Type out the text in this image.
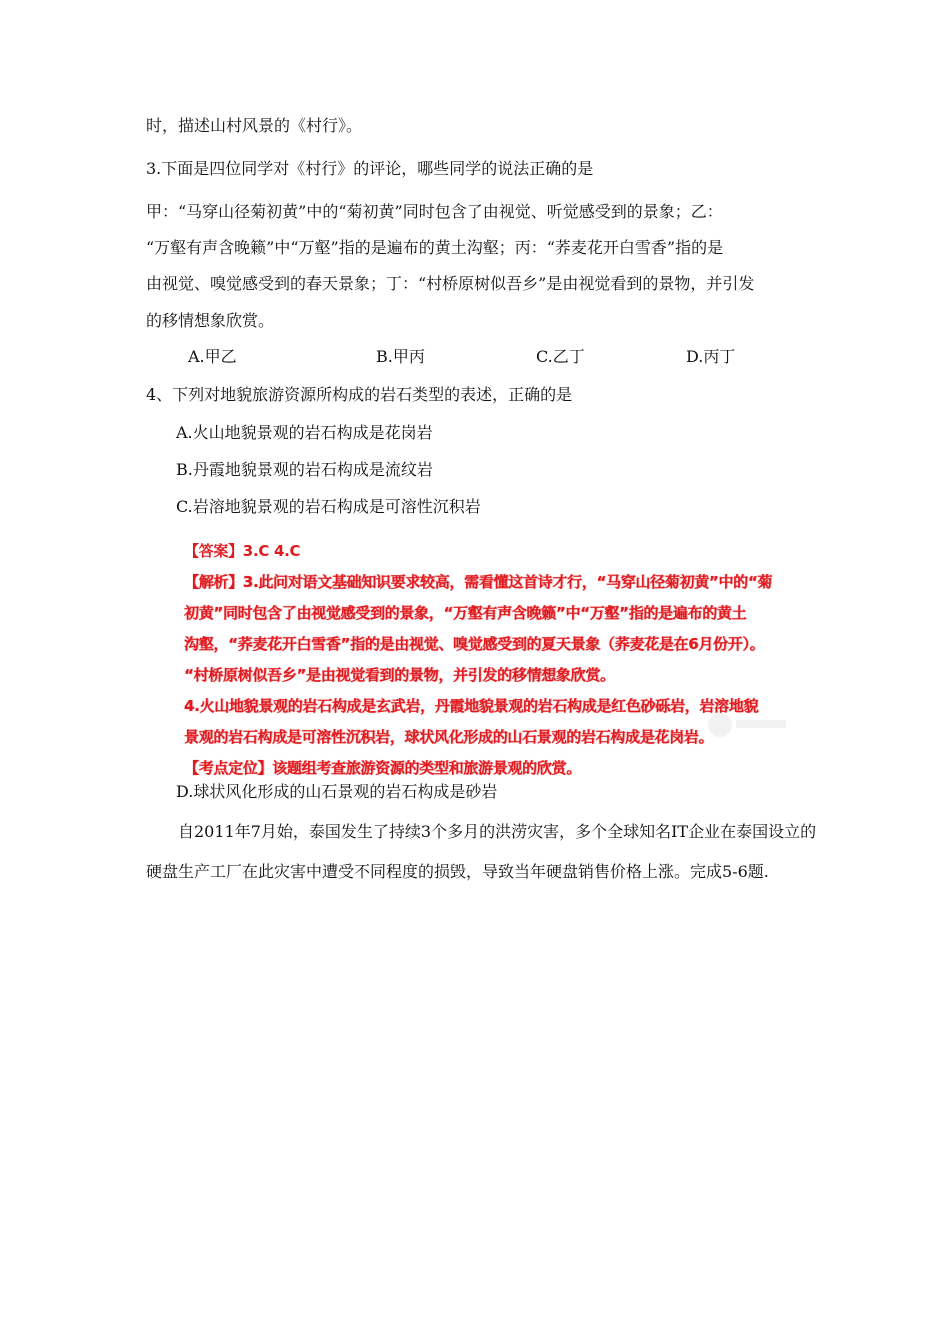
时，描述山村风景的《村行》。
3.下面是四位同学对《村行》的评论，哪些同学的说法正确的是
甲：“马穿山径菊初黄”中的“菊初黄”同时包含了由视觉、听觉感受到的景象；乙：
“万壑有声含晚籁”中“万壑”指的是遍布的黄土沟壑；丙：“荞麦花开白雪香”指的是
由视觉、嗅觉感受到的春天景象；丁：“村桥原树似吾乡”是由视觉看到的景物，并引发
的移情想象欣赏。
A.甲乙	B.甲丙	C.乙丁	D.丙丁
4、下列对地貌旅游资源所构成的岩石类型的表述，正确的是
A.火山地貌景观的岩石构成是花岗岩
B.丹霞地貌景观的岩石构成是流纹岩
C.岩溶地貌景观的岩石构成是可溶性沉积岩

【答案】3.C 4.C

【解析】3.此问对语文基础知识要求较高，需看懂这首诗才行，“马穿山径菊初黄”中的“菊

初黄”同时包含了由视觉感受到的景象，“万壑有声含晚籁”中“万壑”指的是遍布的黄土

沟壑，“荞麦花开白雪香”指的是由视觉、嗅觉感受到的夏天景象（荞麦花是在6月份开）。

“村桥原树似吾乡”是由视觉看到的景物，并引发的移情想象欣赏。

4.火山地貌景观的岩石构成是玄武岩，丹霞地貌景观的岩石构成是红色砂砾岩，岩溶地貌

景观的岩石构成是可溶性沉积岩，球状风化形成的山石景观的岩石构成是花岗岩。

【考点定位】该题组考查旅游资源的类型和旅游景观的欣赏。

D.球状风化形成的山石景观的岩石构成是砂岩
自2011年7月始，泰国发生了持续3个多月的洪涝灾害，多个全球知名IT企业在泰国设立的硬盘生产工厂在此灾害中遭受不同程度的损毁，导致当年硬盘销售价格上涨。完成5-6题.
